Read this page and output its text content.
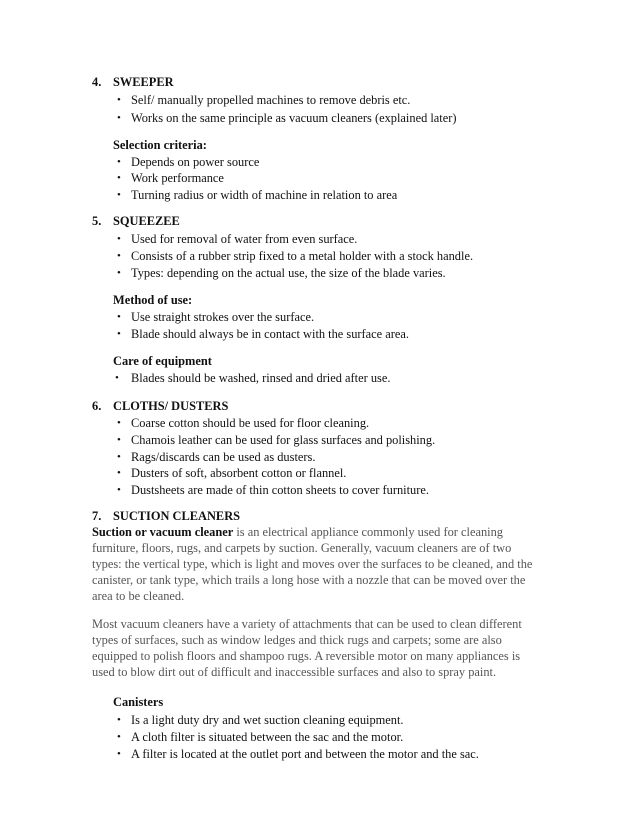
4. SWEEPER
• Self/ manually propelled machines to remove debris etc.
• Works on the same principle as vacuum cleaners (explained later)
Selection criteria:
• Depends on power source
• Work performance
• Turning radius or width of machine in relation to area
5. SQUEEZEE
• Used for removal of water from even surface.
• Consists of a rubber strip fixed to a metal holder with a stock handle.
• Types: depending on the actual use, the size of the blade varies.
Method of use:
• Use straight strokes over the surface.
• Blade should always be in contact with the surface area.
Care of equipment
• Blades should be washed, rinsed and dried after use.
6. CLOTHS/ DUSTERS
• Coarse cotton should be used for floor cleaning.
• Chamois leather can be used for glass surfaces and polishing.
• Rags/discards can be used as dusters.
• Dusters of soft, absorbent cotton or flannel.
• Dustsheets are made of thin cotton sheets to cover furniture.
7. SUCTION CLEANERS
Suction or vacuum cleaner is an electrical appliance commonly used for cleaning
furniture, floors, rugs, and carpets by suction. Generally, vacuum cleaners are of two
types: the vertical type, which is light and moves over the surfaces to be cleaned, and the
canister, or tank type, which trails a long hose with a nozzle that can be moved over the
area to be cleaned.
Most vacuum cleaners have a variety of attachments that can be used to clean different
types of surfaces, such as window ledges and thick rugs and carpets; some are also
equipped to polish floors and shampoo rugs. A reversible motor on many appliances is
used to blow dirt out of difficult and inaccessible surfaces and also to spray paint.
Canisters
• Is a light duty dry and wet suction cleaning equipment.
• A cloth filter is situated between the sac and the motor.
• A filter is located at the outlet port and between the motor and the sac.
